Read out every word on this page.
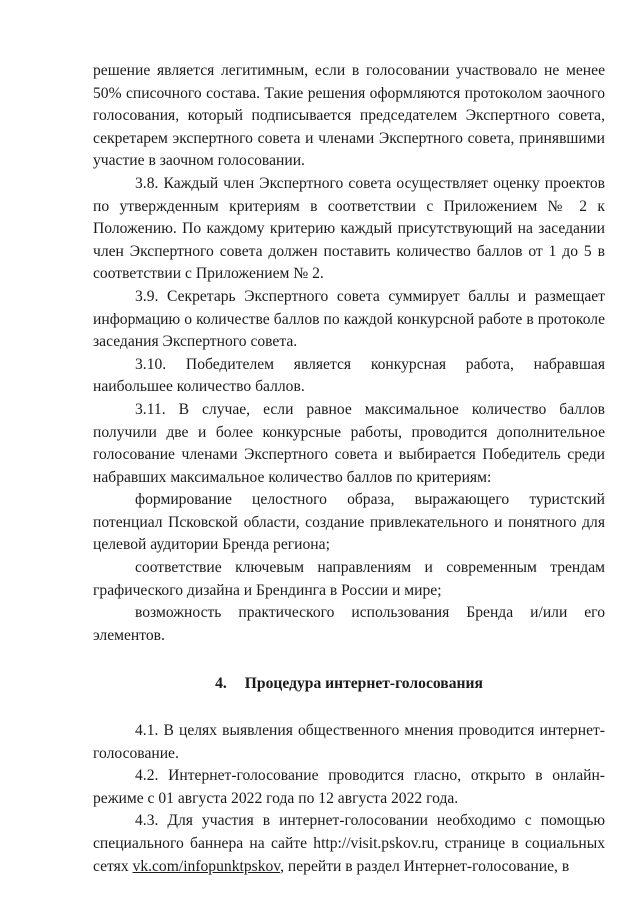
решение является легитимным, если в голосовании участвовало не менее 50% списочного состава. Такие решения оформляются протоколом заочного голосования, который подписывается председателем Экспертного совета, секретарем экспертного совета и членами Экспертного совета, принявшими участие в заочном голосовании.

3.8. Каждый член Экспертного совета осуществляет оценку проектов по утвержденным критериям в соответствии с Приложением № 2 к Положению. По каждому критерию каждый присутствующий на заседании член Экспертного совета должен поставить количество баллов от 1 до 5 в соответствии с Приложением № 2.

3.9. Секретарь Экспертного совета суммирует баллы и размещает информацию о количестве баллов по каждой конкурсной работе в протоколе заседания Экспертного совета.

3.10. Победителем является конкурсная работа, набравшая наибольшее количество баллов.

3.11. В случае, если равное максимальное количество баллов получили две и более конкурсные работы, проводится дополнительное голосование членами Экспертного совета и выбирается Победитель среди набравших максимальное количество баллов по критериям:

формирование целостного образа, выражающего туристский потенциал Псковской области, создание привлекательного и понятного для целевой аудитории Бренда региона;

соответствие ключевым направлениям и современным трендам графического дизайна и Брендинга в России и мире;

возможность практического использования Бренда и/или его элементов.

4. Процедура интернет-голосования

4.1. В целях выявления общественного мнения проводится интернет-голосование.

4.2. Интернет-голосование проводится гласно, открыто в онлайн-режиме с 01 августа 2022 года по 12 августа 2022 года.

4.3. Для участия в интернет-голосовании необходимо с помощью специального баннера на сайте http://visit.pskov.ru, странице в социальных сетях vk.com/infopunktpskov, перейти в раздел Интернет-голосование, в
